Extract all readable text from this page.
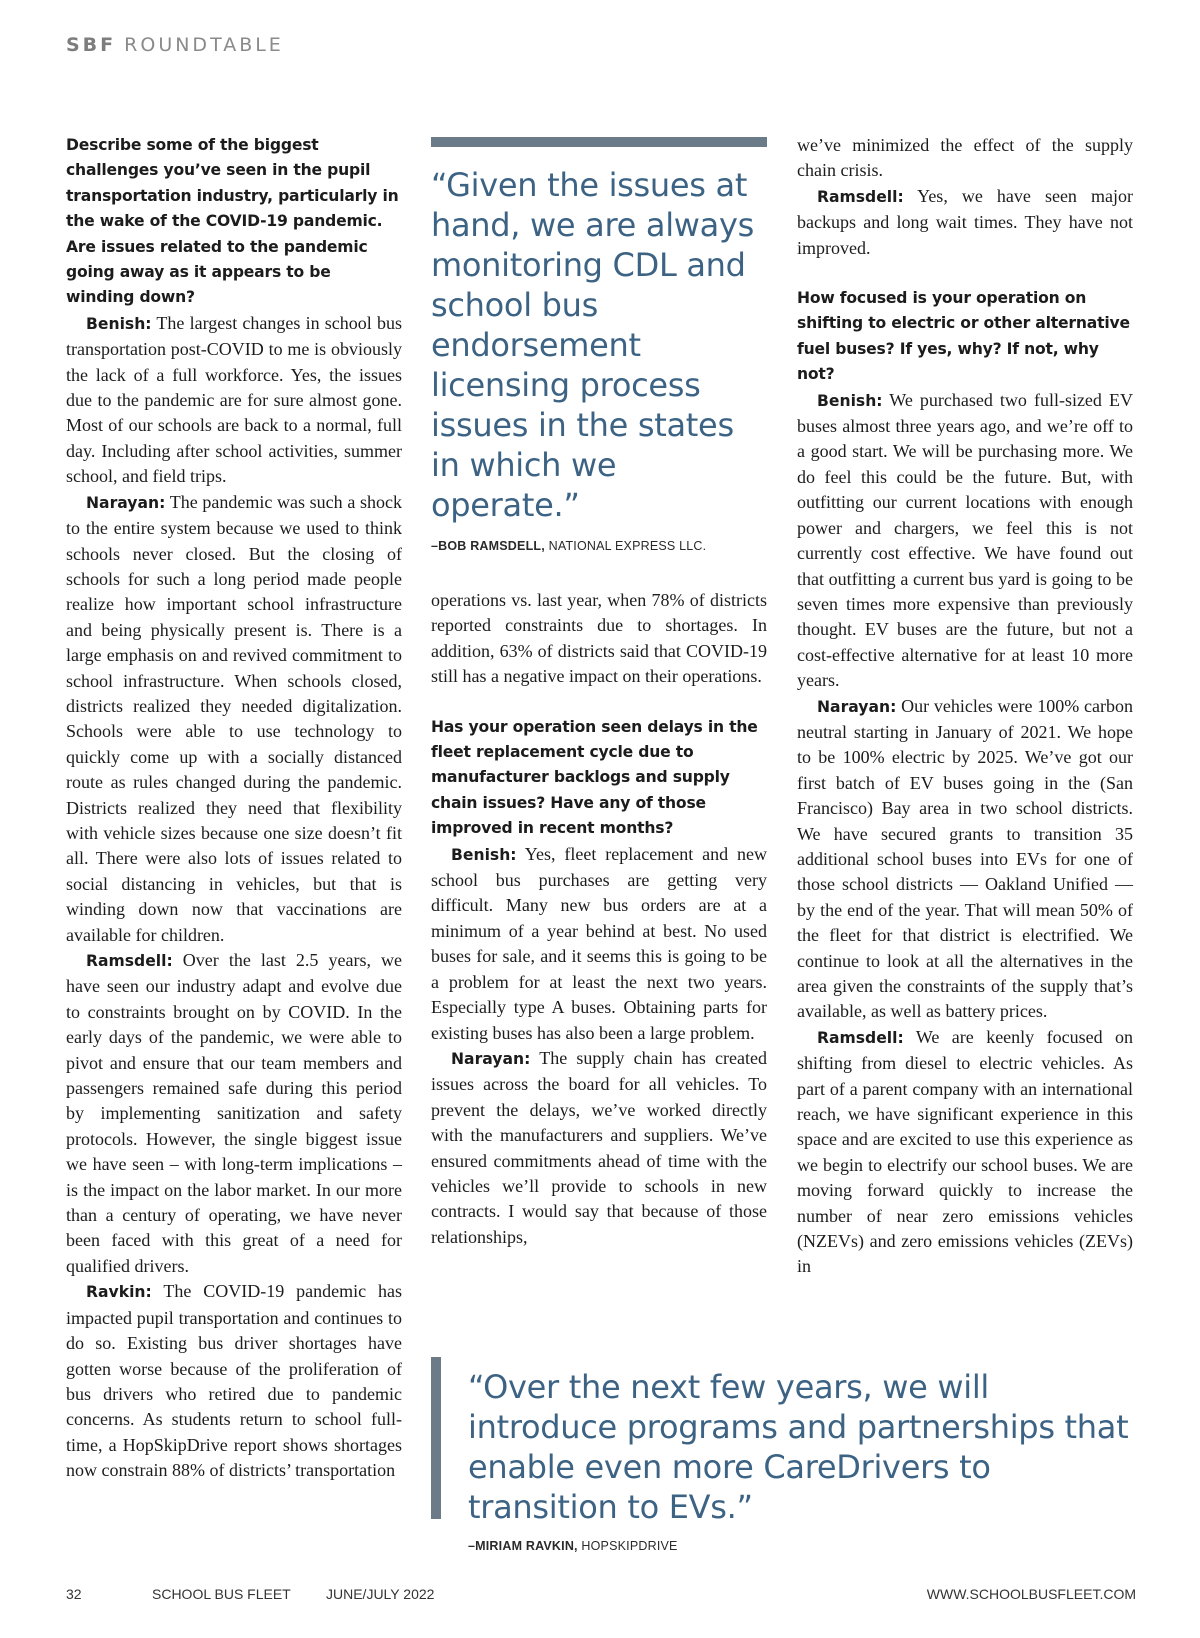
SBF ROUNDTABLE

Describe some of the biggest challenges you’ve seen in the pupil transportation industry, particularly in the wake of the COVID-19 pandemic. Are issues related to the pandemic going away as it appears to be winding down?

Benish: The largest changes in school bus transportation post-COVID to me is obviously the lack of a full workforce. Yes, the issues due to the pandemic are for sure almost gone. Most of our schools are back to a normal, full day. Including after school activities, summer school, and field trips.

Narayan: The pandemic was such a shock to the entire system because we used to think schools never closed. But the closing of schools for such a long period made people realize how important school infrastructure and being physically present is. There is a large emphasis on and revived commitment to school infrastructure. When schools closed, districts realized they needed digitalization. Schools were able to use technology to quickly come up with a socially distanced route as rules changed during the pandemic. Districts realized they need that flexibility with vehicle sizes because one size doesn’t fit all. There were also lots of issues related to social distancing in vehicles, but that is winding down now that vaccinations are available for children.

Ramsdell: Over the last 2.5 years, we have seen our industry adapt and evolve due to constraints brought on by COVID. In the early days of the pandemic, we were able to pivot and ensure that our team members and passengers remained safe during this period by implementing sanitization and safety protocols. However, the single biggest issue we have seen – with long-term implications – is the impact on the labor market. In our more than a century of operating, we have never been faced with this great of a need for qualified drivers.

Ravkin: The COVID-19 pandemic has impacted pupil transportation and continues to do so. Existing bus driver shortages have gotten worse because of the proliferation of bus drivers who retired due to pandemic concerns. As students return to school full-time, a HopSkipDrive report shows shortages now constrain 88% of districts’ transportation

“Given the issues at hand, we are always monitoring CDL and school bus endorsement licensing process issues in the states in which we operate.”
–BOB RAMSDELL, NATIONAL EXPRESS LLC.

operations vs. last year, when 78% of districts reported constraints due to shortages. In addition, 63% of districts said that COVID-19 still has a negative impact on their operations.

Has your operation seen delays in the fleet replacement cycle due to manufacturer backlogs and supply chain issues? Have any of those improved in recent months?

Benish: Yes, fleet replacement and new school bus purchases are getting very difficult. Many new bus orders are at a minimum of a year behind at best. No used buses for sale, and it seems this is going to be a problem for at least the next two years. Especially type A buses. Obtaining parts for existing buses has also been a large problem.

Narayan: The supply chain has created issues across the board for all vehicles. To prevent the delays, we’ve worked directly with the manufacturers and suppliers. We’ve ensured commitments ahead of time with the vehicles we’ll provide to schools in new contracts. I would say that because of those relationships,

we’ve minimized the effect of the supply chain crisis.

Ramsdell: Yes, we have seen major backups and long wait times. They have not improved.

How focused is your operation on shifting to electric or other alternative fuel buses? If yes, why? If not, why not?

Benish: We purchased two full-sized EV buses almost three years ago, and we’re off to a good start. We will be purchasing more. We do feel this could be the future. But, with outfitting our current locations with enough power and chargers, we feel this is not currently cost effective. We have found out that outfitting a current bus yard is going to be seven times more expensive than previously thought. EV buses are the future, but not a cost-effective alternative for at least 10 more years.

Narayan: Our vehicles were 100% carbon neutral starting in January of 2021. We hope to be 100% electric by 2025. We’ve got our first batch of EV buses going in the (San Francisco) Bay area in two school districts. We have secured grants to transition 35 additional school buses into EVs for one of those school districts — Oakland Unified — by the end of the year. That will mean 50% of the fleet for that district is electrified. We continue to look at all the alternatives in the area given the constraints of the supply that’s available, as well as battery prices.

Ramsdell: We are keenly focused on shifting from diesel to electric vehicles. As part of a parent company with an international reach, we have significant experience in this space and are excited to use this experience as we begin to electrify our school buses. We are moving forward quickly to increase the number of near zero emissions vehicles (NZEVs) and zero emissions vehicles (ZEVs) in

“Over the next few years, we will introduce programs and partnerships that enable even more CareDrivers to transition to EVs.”
–MIRIAM RAVKIN, HOPSKIPDRIVE
32	SCHOOL BUS FLEET	JUNE/JULY 2022	WWW.SCHOOLBUSFLEET.COM
